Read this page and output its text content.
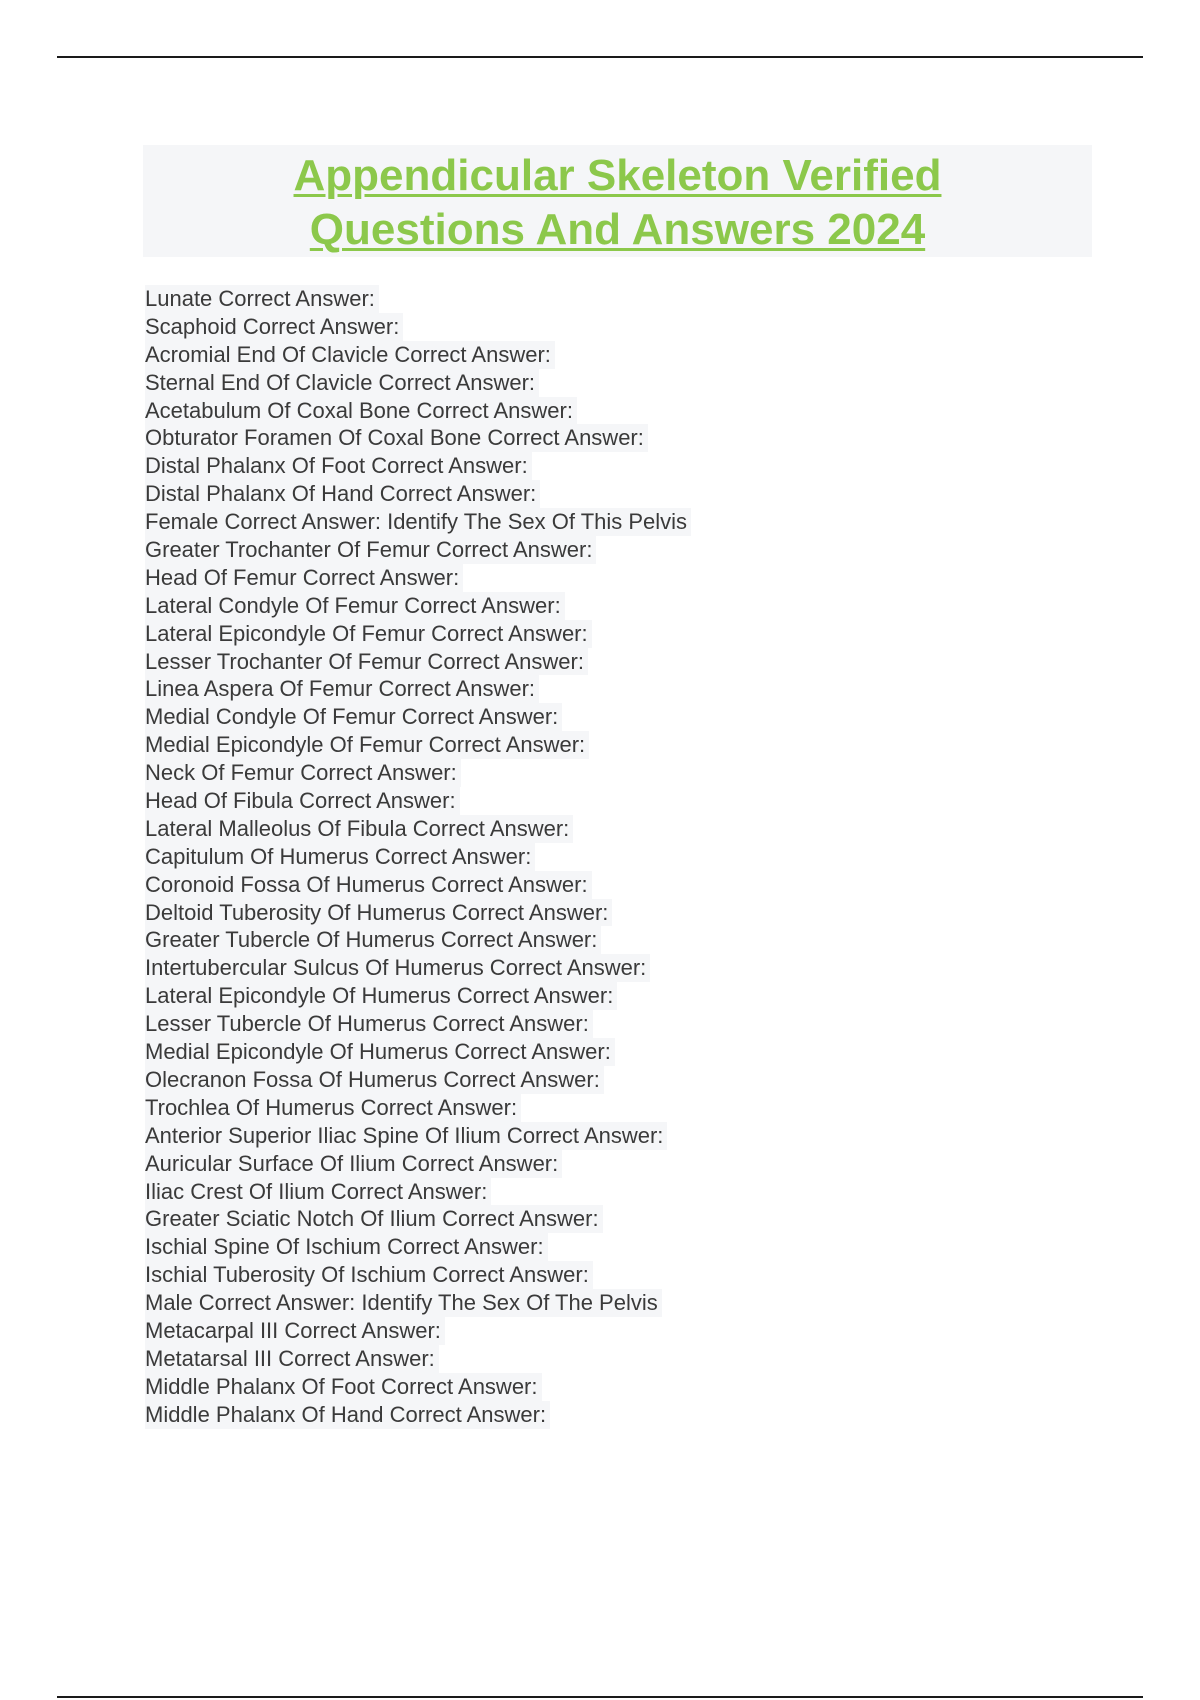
Appendicular Skeleton Verified
Questions And Answers 2024
Lunate Correct Answer:
Scaphoid Correct Answer:
Acromial End Of Clavicle Correct Answer:
Sternal End Of Clavicle Correct Answer:
Acetabulum Of Coxal Bone Correct Answer:
Obturator Foramen Of Coxal Bone Correct Answer:
Distal Phalanx Of Foot Correct Answer:
Distal Phalanx Of Hand Correct Answer:
Female Correct Answer: Identify The Sex Of This Pelvis
Greater Trochanter Of Femur Correct Answer:
Head Of Femur Correct Answer:
Lateral Condyle Of Femur Correct Answer:
Lateral Epicondyle Of Femur Correct Answer:
Lesser Trochanter Of Femur Correct Answer:
Linea Aspera Of Femur Correct Answer:
Medial Condyle Of Femur Correct Answer:
Medial Epicondyle Of Femur Correct Answer:
Neck Of Femur Correct Answer:
Head Of Fibula Correct Answer:
Lateral Malleolus Of Fibula Correct Answer:
Capitulum Of Humerus Correct Answer:
Coronoid Fossa Of Humerus Correct Answer:
Deltoid Tuberosity Of Humerus Correct Answer:
Greater Tubercle Of Humerus Correct Answer:
Intertubercular Sulcus Of Humerus Correct Answer:
Lateral Epicondyle Of Humerus Correct Answer:
Lesser Tubercle Of Humerus Correct Answer:
Medial Epicondyle Of Humerus Correct Answer:
Olecranon Fossa Of Humerus Correct Answer:
Trochlea Of Humerus Correct Answer:
Anterior Superior Iliac Spine Of Ilium Correct Answer:
Auricular Surface Of Ilium Correct Answer:
Iliac Crest Of Ilium Correct Answer:
Greater Sciatic Notch Of Ilium Correct Answer:
Ischial Spine Of Ischium Correct Answer:
Ischial Tuberosity Of Ischium Correct Answer:
Male Correct Answer: Identify The Sex Of The Pelvis
Metacarpal III Correct Answer:
Metatarsal III Correct Answer:
Middle Phalanx Of Foot Correct Answer:
Middle Phalanx Of Hand Correct Answer:
